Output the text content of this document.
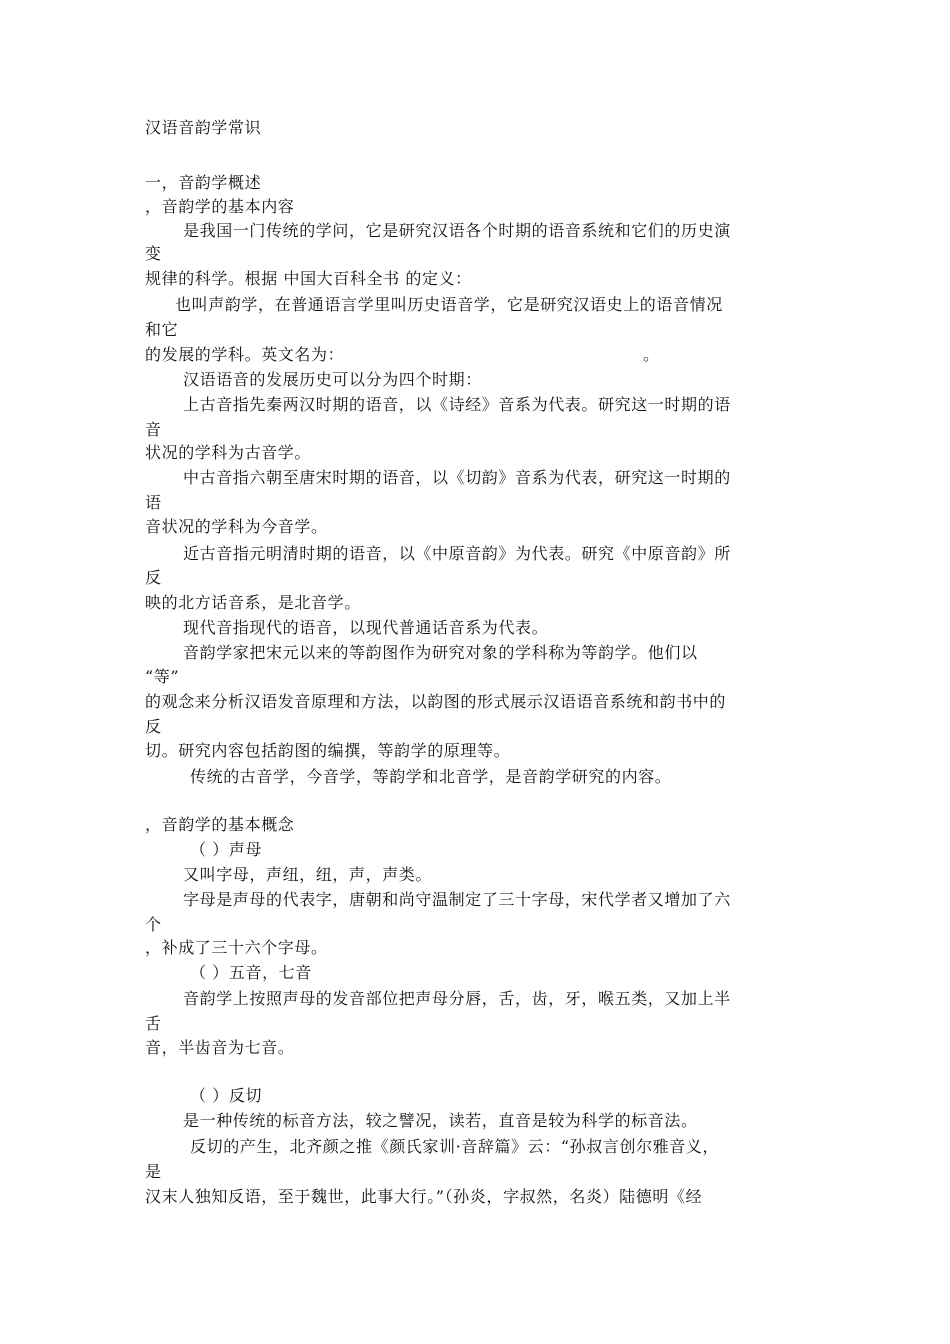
汉语音韵学常识
一，音韵学概述
，音韵学的基本内容
是我国一门传统的学问，它是研究汉语各个时期的语音系统和它们的历史演
变
规律的科学。根据 中国大百科全书 的定义：
也叫声韵学，在普通语言学里叫历史语音学，它是研究汉语史上的语音情况
和它
的发展的学科。英文名为：	。
汉语语音的发展历史可以分为四个时期：
上古音指先秦两汉时期的语音，以《诗经》音系为代表。研究这一时期的语
音
状况的学科为古音学。
中古音指六朝至唐宋时期的语音，以《切韵》音系为代表，研究这一时期的
语
音状况的学科为今音学。
近古音指元明清时期的语音，以《中原音韵》为代表。研究《中原音韵》所
反
映的北方话音系，是北音学。
现代音指现代的语音，以现代普通话音系为代表。
音韵学家把宋元以来的等韵图作为研究对象的学科称为等韵学。他们以
“等”
的观念来分析汉语发音原理和方法，以韵图的形式展示汉语语音系统和韵书中的
反
切。研究内容包括韵图的编撰，等韵学的原理等。
传统的古音学，今音学，等韵学和北音学，是音韵学研究的内容。
，音韵学的基本概念
（ ）声母
又叫字母，声纽，纽，声，声类。
字母是声母的代表字，唐朝和尚守温制定了三十字母，宋代学者又增加了六
个
，补成了三十六个字母。
（ ）五音，七音
音韵学上按照声母的发音部位把声母分唇，舌，齿，牙，喉五类，又加上半
舌
音，半齿音为七音。
（ ）反切
是一种传统的标音方法，较之譬况，读若，直音是较为科学的标音法。
反切的产生，北齐颜之推《颜氏家训·音辞篇》云：“孙叔言创尔雅音义，
是
汉末人独知反语，至于魏世，此事大行。”（孙炎，字叔然，名炎）陆德明《经
